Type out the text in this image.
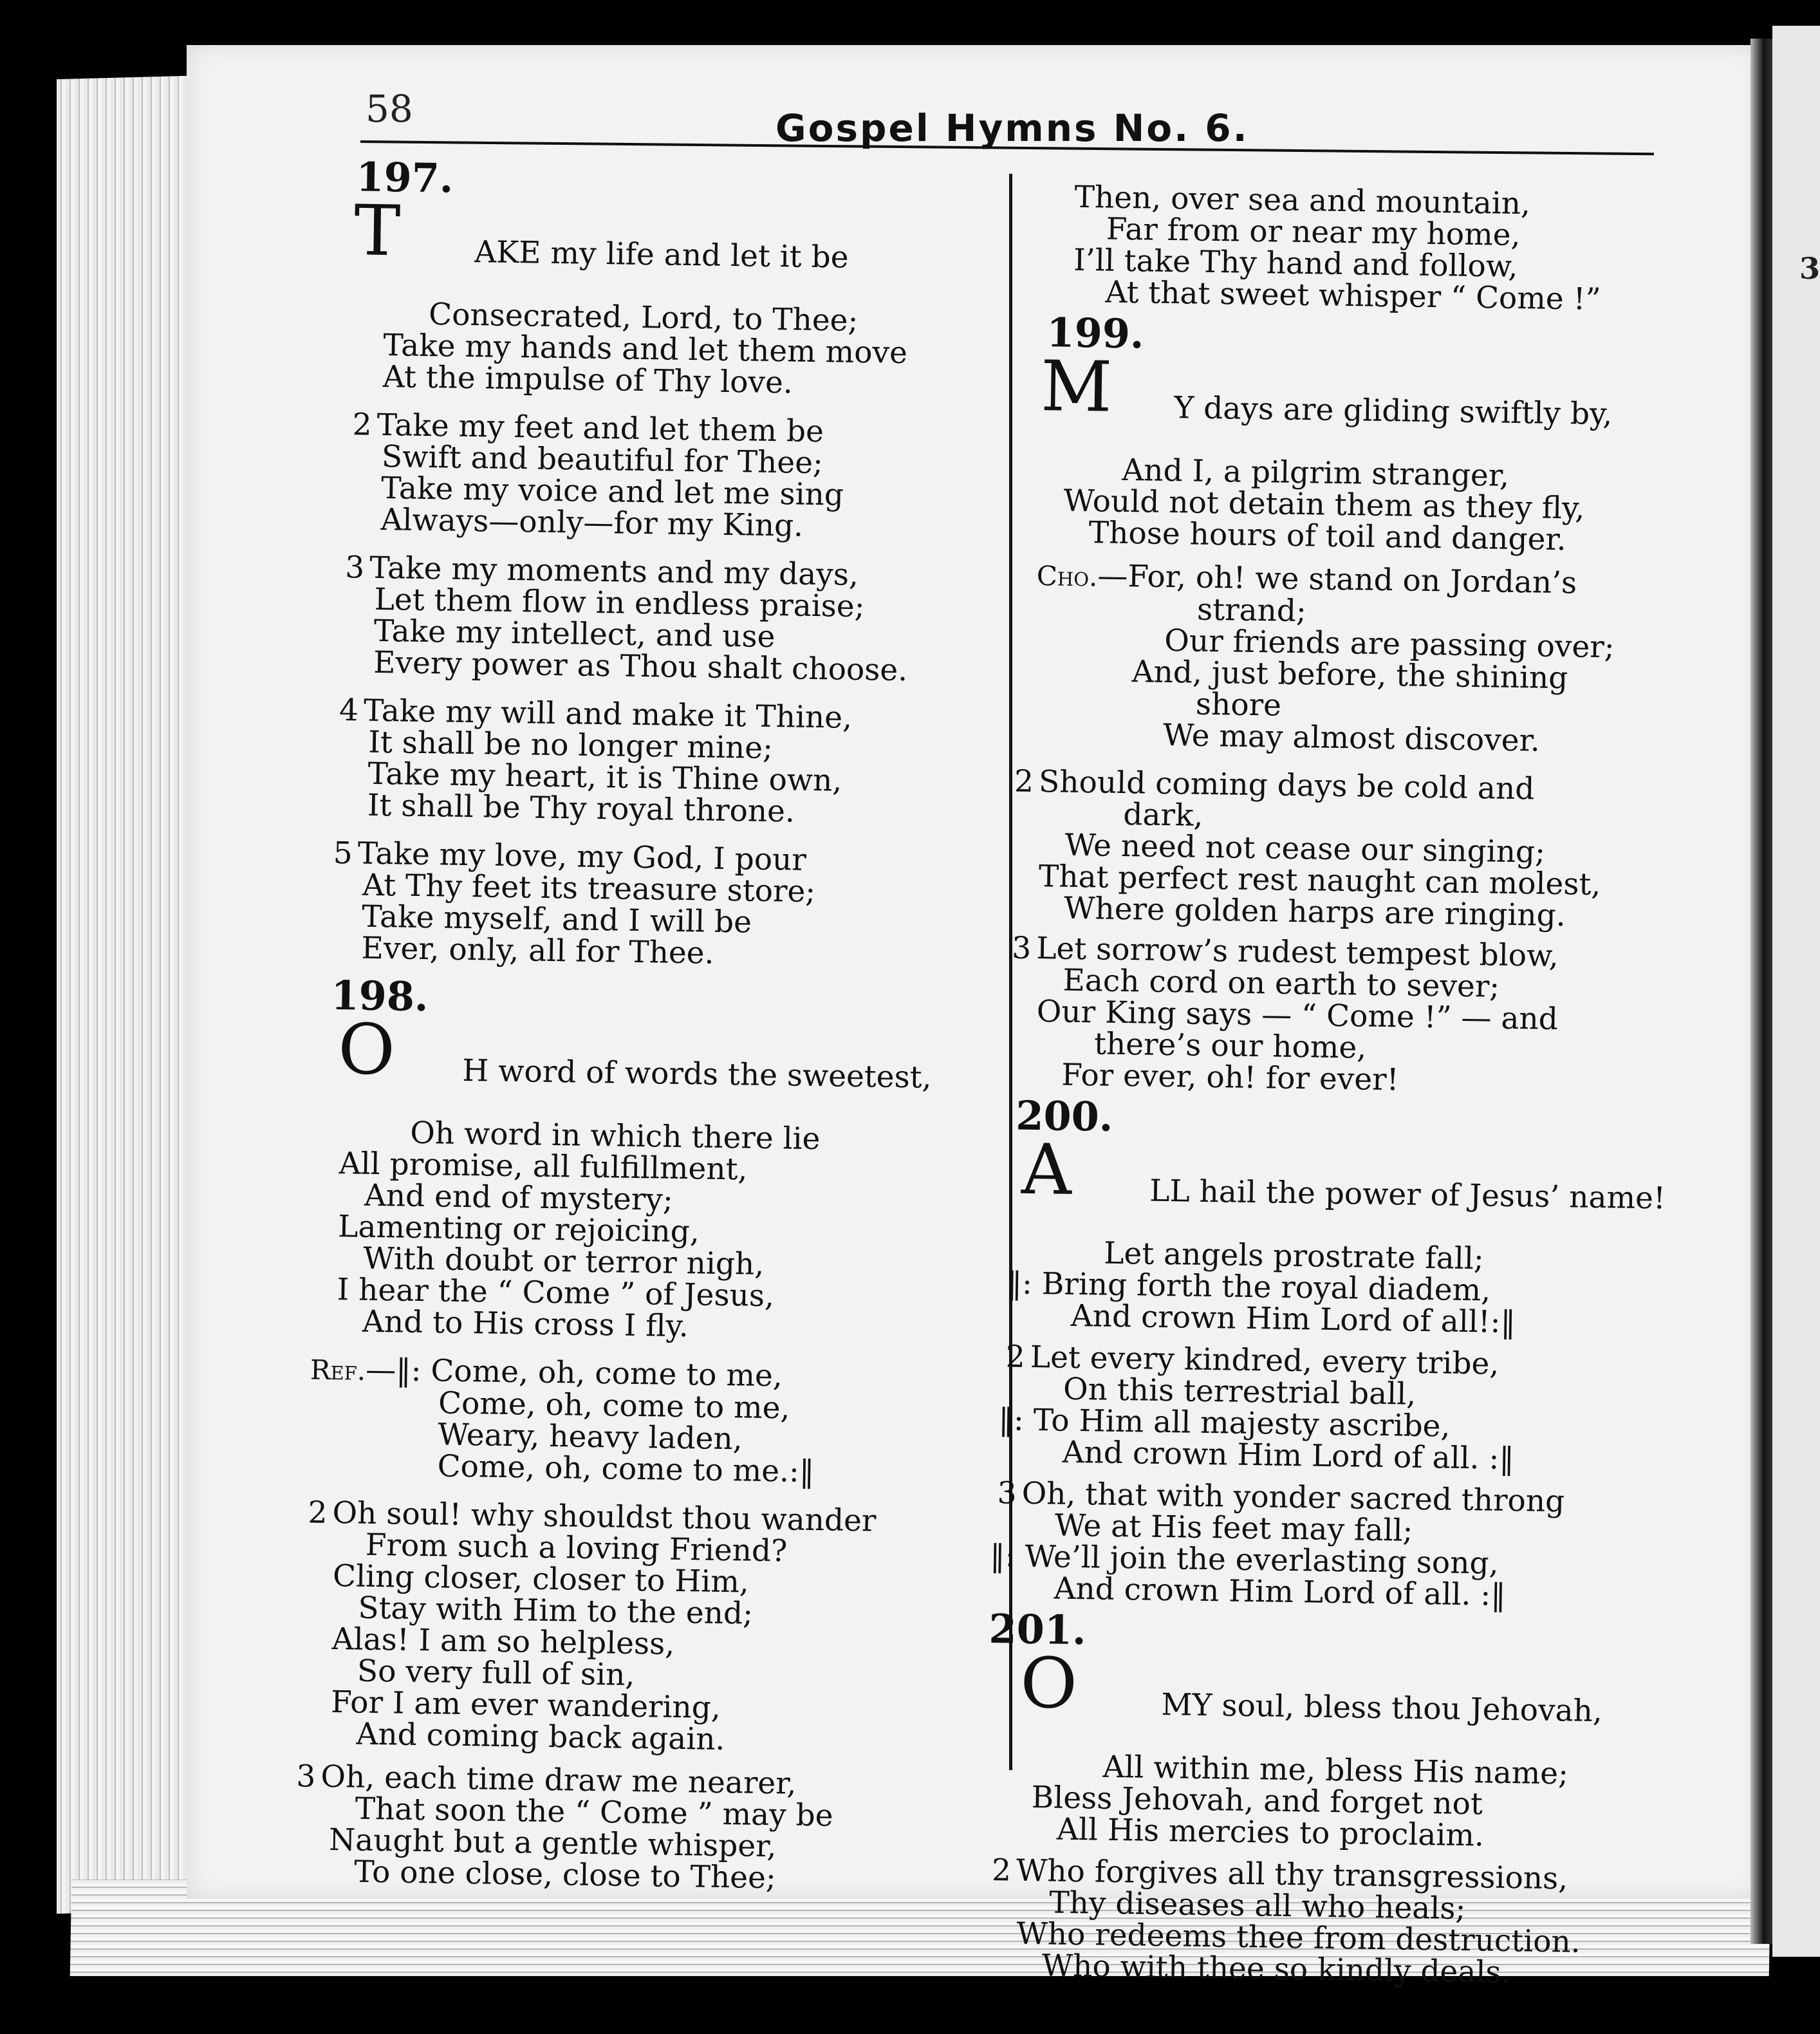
3
58	Gospel Hymns No. 6.
197.

T AKE my life and let it be

Consecrated, Lord, to Thee;
Take my hands and let them move
At the impulse of Thy love.
2 Take my feet and let them be
Swift and beautiful for Thee;
Take my voice and let me sing
Always—only—for my King.
3 Take my moments and my days,
Let them flow in endless praise;
Take my intellect, and use
Every power as Thou shalt choose.
4 Take my will and make it Thine,
It shall be no longer mine;
Take my heart, it is Thine own,
It shall be Thy royal throne.
5 Take my love, my God, I pour
At Thy feet its treasure store;
Take myself, and I will be
Ever, only, all for Thee.
198.

O H word of words the sweetest,

Oh word in which there lie
All promise, all fulfillment,
And end of mystery;
Lamenting or rejoicing,
With doubt or terror nigh,
I hear the “ Come ” of Jesus,
And to His cross I fly.
Ref.—‖: Come, oh, come to me,
Come, oh, come to me,
Weary, heavy laden,
Come, oh, come to me.:‖
2 Oh soul! why shouldst thou wander
From such a loving Friend?
Cling closer, closer to Him,
Stay with Him to the end;
Alas! I am so helpless,
So very full of sin,
For I am ever wandering,
And coming back again.
3 Oh, each time draw me nearer,
That soon the “ Come ” may be
Naught but a gentle whisper,
To one close, close to Thee;
Then, over sea and mountain,
Far from or near my home,
I’ll take Thy hand and follow,
At that sweet whisper “ Come !”
199.

M Y days are gliding swiftly by,

And I, a pilgrim stranger,
Would not detain them as they fly,
Those hours of toil and danger.
Cho.—For, oh! we stand on Jordan’s
strand;
Our friends are passing over;
And, just before, the shining
shore
We may almost discover.
2 Should coming days be cold and
dark,
We need not cease our singing;
That perfect rest naught can molest,
Where golden harps are ringing.
3 Let sorrow’s rudest tempest blow,
Each cord on earth to sever;
Our King says — “ Come !” — and
there’s our home,
For ever, oh! for ever!
200.

A	LL hail the power of Jesus’ name!

Let angels prostrate fall;
‖: Bring forth the royal diadem,
And crown Him Lord of all!:‖
2 Let every kindred, every tribe,
On this terrestrial ball,
‖: To Him all majesty ascribe,
And crown Him Lord of all. :‖
3 Oh, that with yonder sacred throng
We at His feet may fall;
‖: We’ll join the everlasting song,
And crown Him Lord of all. :‖
201.

O	MY soul, bless thou Jehovah,

All within me, bless His name;
Bless Jehovah, and forget not
All His mercies to proclaim.
2 Who forgives all thy transgressions,
Thy diseases all who heals;
Who redeems thee from destruction.
Who with thee so kindly deals.
